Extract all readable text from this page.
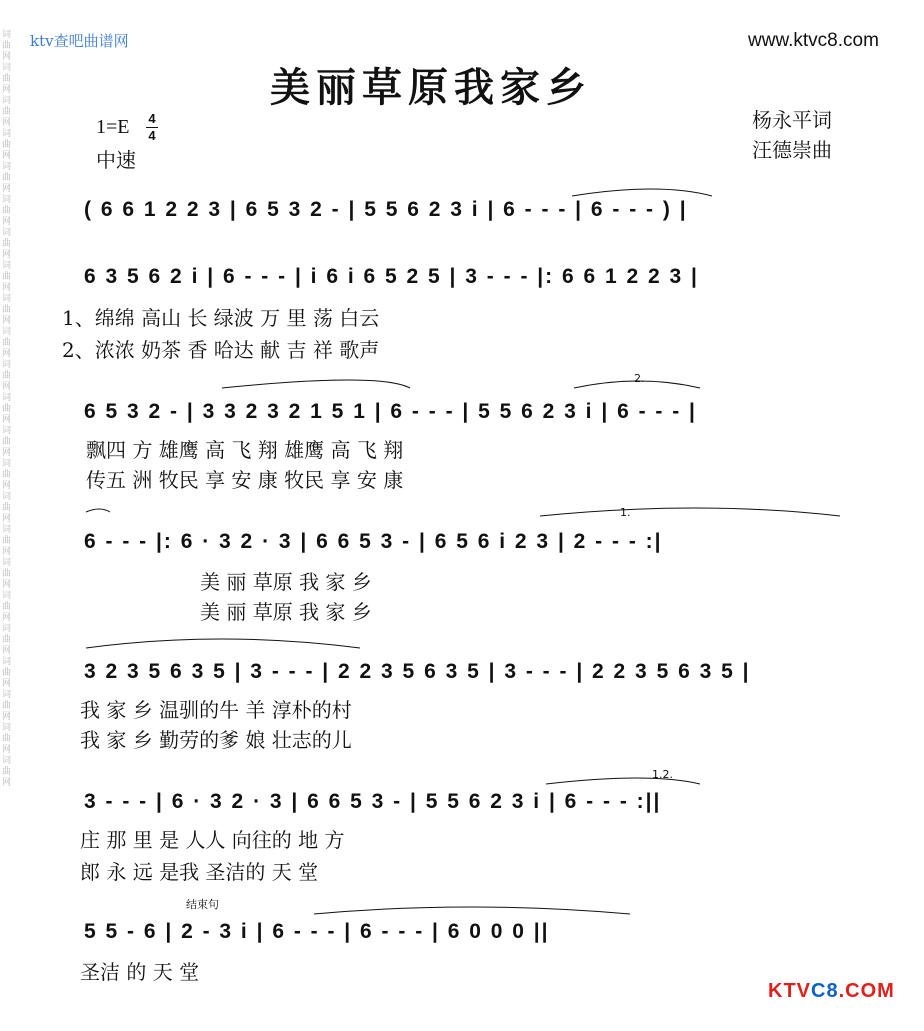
词曲网词曲网词曲网词曲网词曲网词曲网词曲网词曲网词曲网词曲网词曲网词曲网词曲网词曲网词曲网词曲网词曲网词曲网词曲网词曲网词曲网词曲网词曲网
ktv查吧曲谱网	www.ktvc8.com
美丽草原我家乡
1=E 4
4
中速
杨永平词
汪德崇曲
2.
1.
1.2.
结束句
( 6 6 1 2 2 3 | 6 5 3 2 - | 5 5 6 2 3 i | 6 - - - | 6 - - - ) |
6 3 5 6 2 i | 6 - - - | i 6 i 6 5 2 5 | 3 - - - |: 6 6 1 2 2 3 |
1、绵绵 高山 长 绿波 万 里 荡 白云
2、浓浓 奶茶 香 哈达 献 吉 祥 歌声
6 5 3 2 - | 3 3 2 3 2 1 5 1 | 6 - - - | 5 5 6 2 3 i | 6 - - - |
飘四 方 雄鹰 高 飞 翔 雄鹰 高 飞 翔
传五 洲 牧民 享 安 康 牧民 享 安 康
6 - - - |: 6 · 3 2 · 3 | 6 6 5 3 - | 6 5 6 i 2 3 | 2 - - - :|
美 丽 草原 我 家 乡
美 丽 草原 我 家 乡
3 2 3 5 6 3 5 | 3 - - - | 2 2 3 5 6 3 5 | 3 - - - | 2 2 3 5 6 3 5 |
我 家 乡 温驯的牛 羊 淳朴的村
我 家 乡 勤劳的爹 娘 壮志的儿
3 - - - | 6 · 3 2 · 3 | 6 6 5 3 - | 5 5 6 2 3 i | 6 - - - :||
庄 那 里 是 人人 向往的 地 方
郎 永 远 是我 圣洁的 天 堂
5 5 - 6 | 2 - 3 i | 6 - - - | 6 - - - | 6 0 0 0 ||
圣洁 的 天 堂
KTVC8.COM
